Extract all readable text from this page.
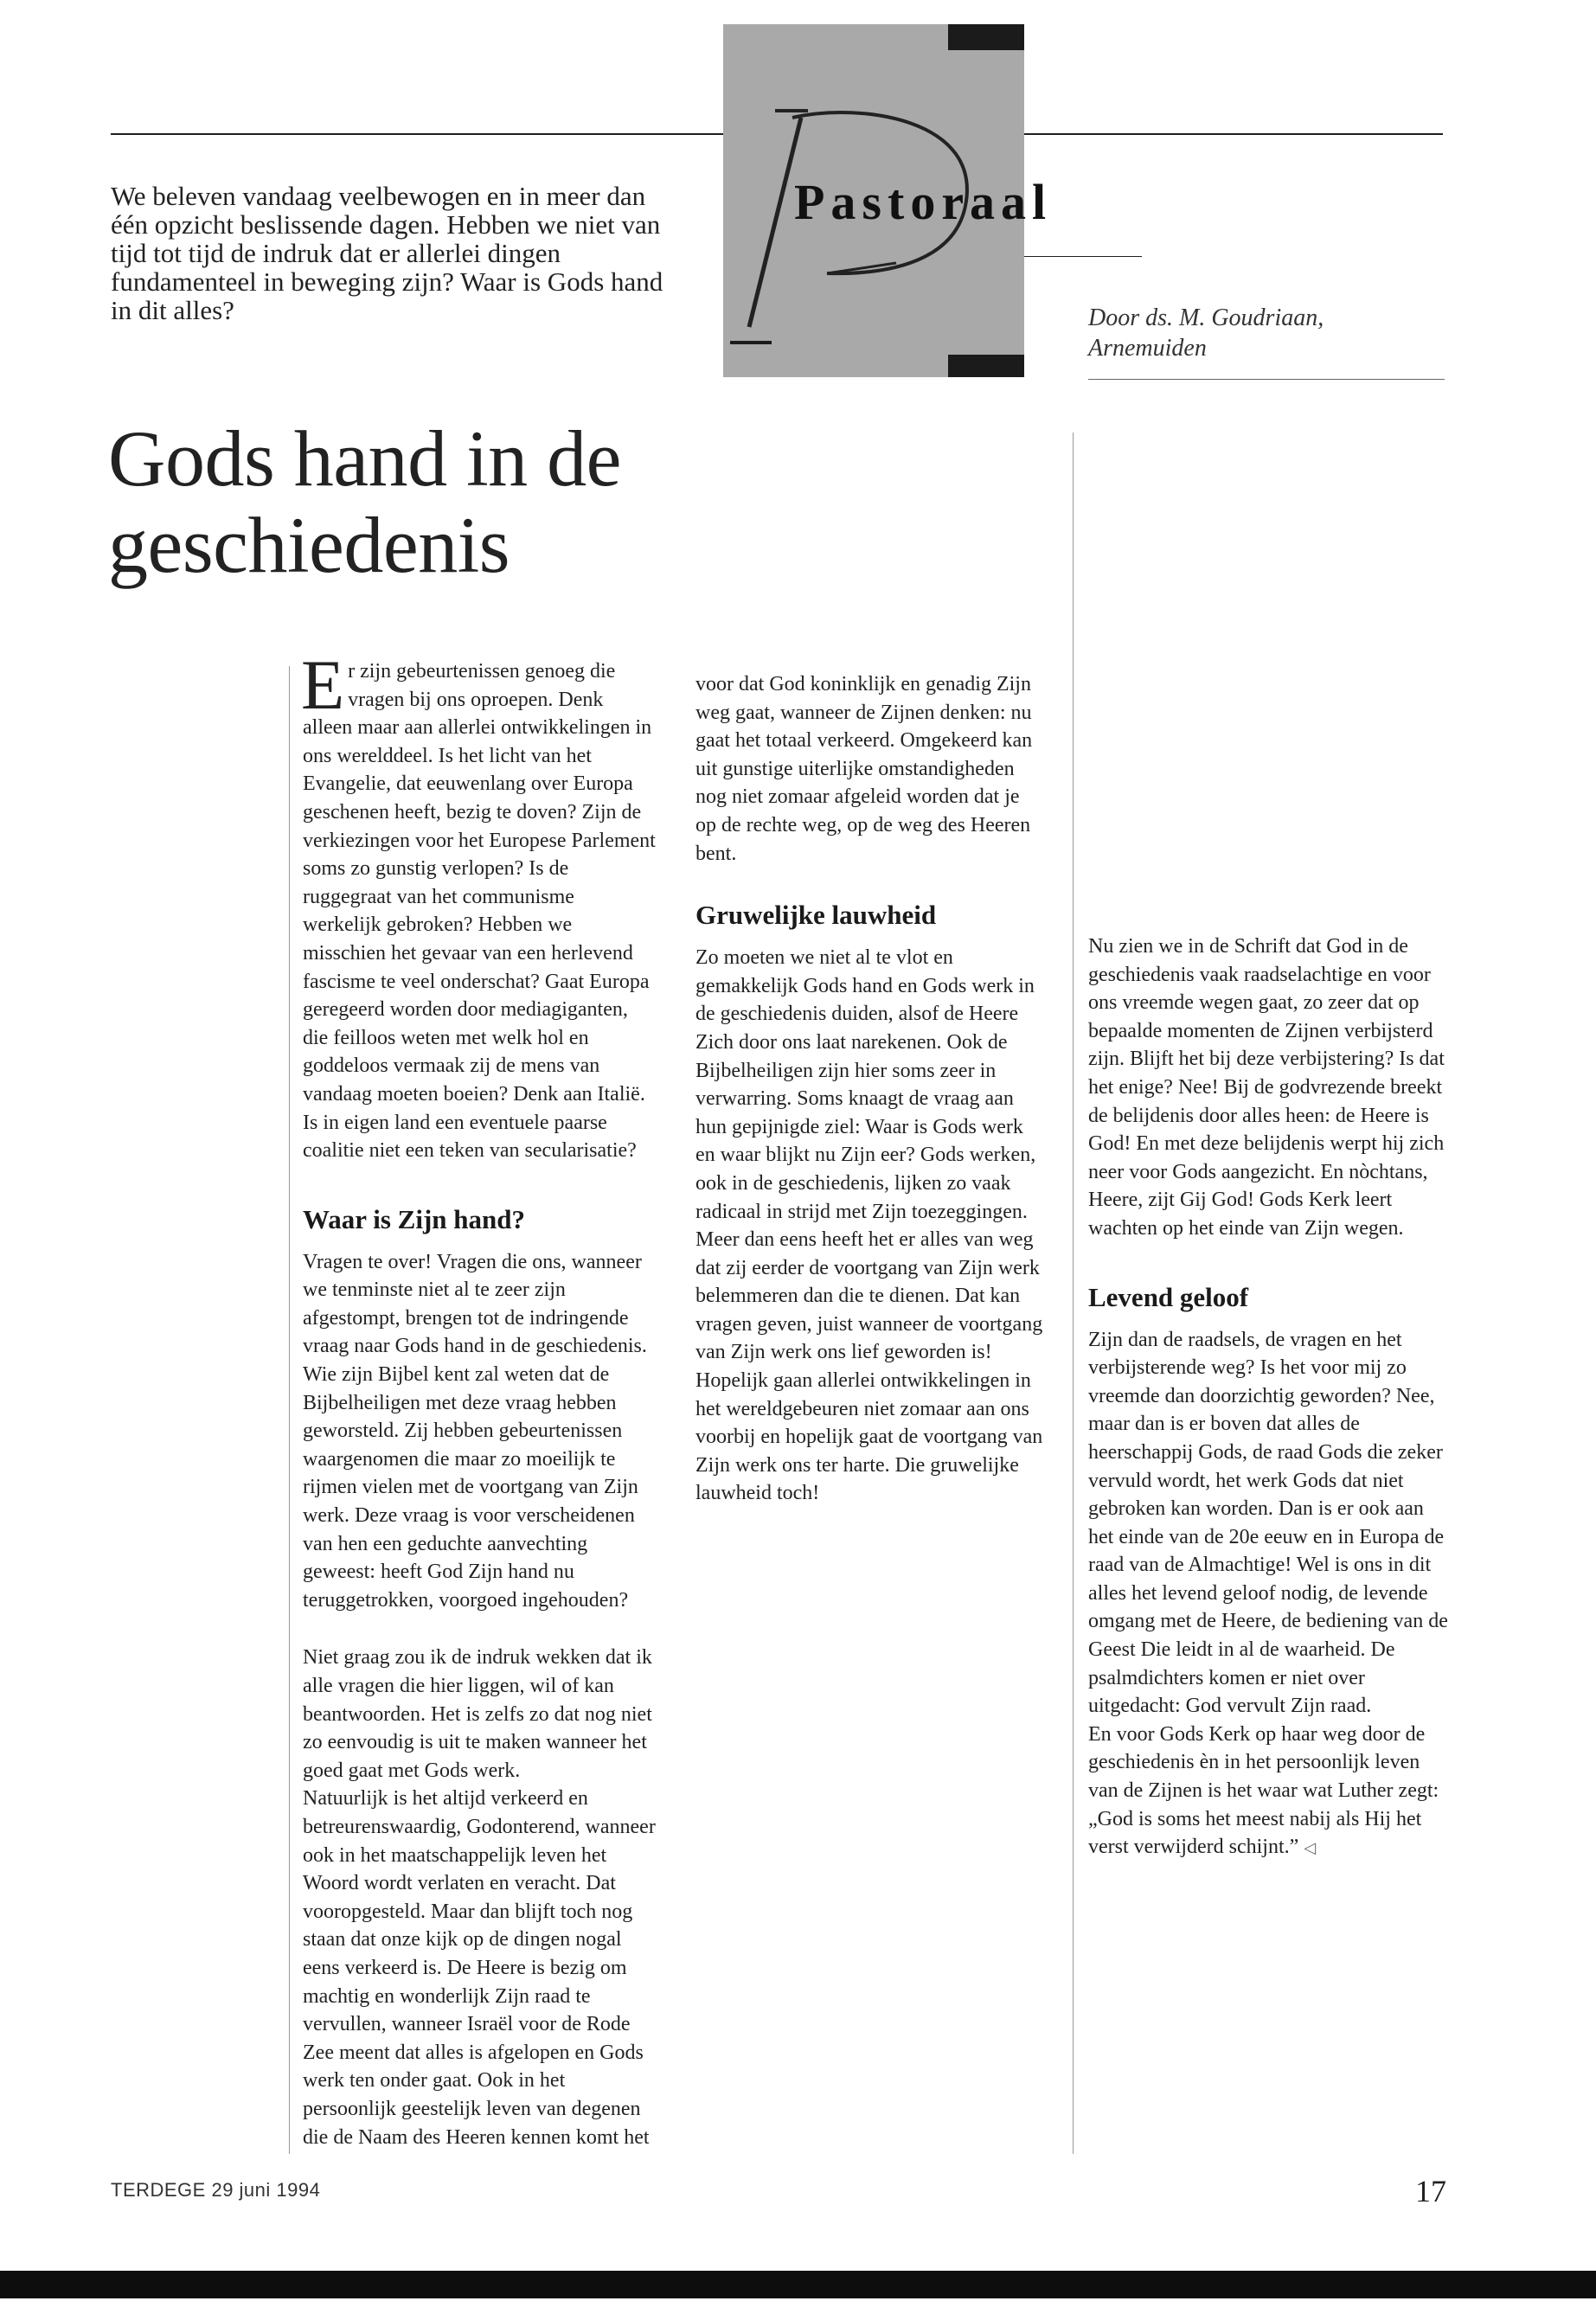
Pastoraal
Door ds. M. Goudriaan,
Arnemuiden
We beleven vandaag veelbewogen en in meer dan één opzicht beslissende dagen. Hebben we niet van tijd tot tijd de indruk dat er allerlei dingen fundamenteel in beweging zijn? Waar is Gods hand in dit alles?
Gods hand in de
geschiedenis

Er zijn gebeurtenissen genoeg die vragen bij ons oproepen. Denk alleen maar aan allerlei ontwikkelingen in ons werelddeel. Is het licht van het Evangelie, dat eeuwenlang over Europa geschenen heeft, bezig te doven? Zijn de verkiezingen voor het Europese Parlement soms zo gunstig verlopen? Is de ruggegraat van het communisme werkelijk gebroken? Hebben we misschien het gevaar van een herlevend fascisme te veel onderschat? Gaat Europa geregeerd worden door mediagiganten, die feilloos weten met welk hol en goddeloos vermaak zij de mens van vandaag moeten boeien? Denk aan Italië. Is in eigen land een eventuele paarse coalitie niet een teken van secularisatie?

Waar is Zijn hand?

Vragen te over! Vragen die ons, wanneer we tenminste niet al te zeer zijn afgestompt, brengen tot de indringende vraag naar Gods hand in de geschiedenis. Wie zijn Bijbel kent zal weten dat de Bijbelheiligen met deze vraag hebben geworsteld. Zij hebben gebeurtenissen waargenomen die maar zo moeilijk te rijmen vielen met de voortgang van Zijn werk. Deze vraag is voor verscheidenen van hen een geduchte aanvechting geweest: heeft God Zijn hand nu teruggetrokken, voorgoed ingehouden?

Niet graag zou ik de indruk wekken dat ik alle vragen die hier liggen, wil of kan beantwoorden. Het is zelfs zo dat nog niet zo eenvoudig is uit te maken wanneer het goed gaat met Gods werk.

Natuurlijk is het altijd verkeerd en betreurenswaardig, Godonterend, wanneer ook in het maatschappelijk leven het Woord wordt verlaten en veracht. Dat vooropgesteld. Maar dan blijft toch nog staan dat onze kijk op de dingen nogal eens verkeerd is. De Heere is bezig om machtig en wonderlijk Zijn raad te vervullen, wanneer Israël voor de Rode Zee meent dat alles is afgelopen en Gods werk ten onder gaat. Ook in het persoonlijk geestelijk leven van degenen die de Naam des Heeren kennen komt het

Gruwelijke lauwheid

Zo moeten we niet al te vlot en gemakkelijk Gods hand en Gods werk in de geschiedenis duiden, alsof de Heere Zich door ons laat narekenen. Ook de Bijbelheiligen zijn hier soms zeer in verwarring. Soms knaagt de vraag aan hun gepijnigde ziel: Waar is Gods werk en waar blijkt nu Zijn eer? Gods werken, ook in de geschiedenis, lijken zo vaak radicaal in strijd met Zijn toezeggingen. Meer dan eens heeft het er alles van weg dat zij eerder de voortgang van Zijn werk belemmeren dan die te dienen. Dat kan vragen geven, juist wanneer de voortgang van Zijn werk ons lief geworden is! Hopelijk gaan allerlei ontwikkelingen in het wereldgebeuren niet zomaar aan ons voorbij en hopelijk gaat de voortgang van Zijn werk ons ter harte. Die gruwelijke lauwheid toch!

Nu zien we in de Schrift dat God in de geschiedenis vaak raadselachtige en voor ons vreemde wegen gaat, zo zeer dat op bepaalde momenten de Zijnen verbijsterd zijn. Blijft het bij deze verbijstering? Is dat het enige? Nee! Bij de godvrezende breekt de belijdenis door alles heen: de Heere is God! En met deze belijdenis werpt hij zich neer voor Gods aangezicht. En nòchtans, Heere, zijt Gij God! Gods Kerk leert wachten op het einde van Zijn wegen.

Levend geloof

Zijn dan de raadsels, de vragen en het verbijsterende weg? Is het voor mij zo vreemde dan doorzichtig geworden? Nee, maar dan is er boven dat alles de heerschappij Gods, de raad Gods die zeker vervuld wordt, het werk Gods dat niet gebroken kan worden. Dan is er ook aan het einde van de 20e eeuw en in Europa de raad van de Almachtige! Wel is ons in dit alles het levend geloof nodig, de levende omgang met de Heere, de bediening van de Geest Die leidt in al de waarheid. De psalmdichters komen er niet over uitgedacht: God vervult Zijn raad.

En voor Gods Kerk op haar weg door de geschiedenis èn in het persoonlijk leven van de Zijnen is het waar wat Luther zegt: „God is soms het meest nabij als Hij het verst verwijderd schijnt.” ◁

TERDEGE 29 juni 1994	17

voor dat God koninklijk en genadig Zijn weg gaat, wanneer de Zijnen denken: nu gaat het totaal verkeerd. Omgekeerd kan uit gunstige uiterlijke omstandigheden nog niet zomaar afgeleid worden dat je op de rechte weg, op de weg des Heeren bent.
